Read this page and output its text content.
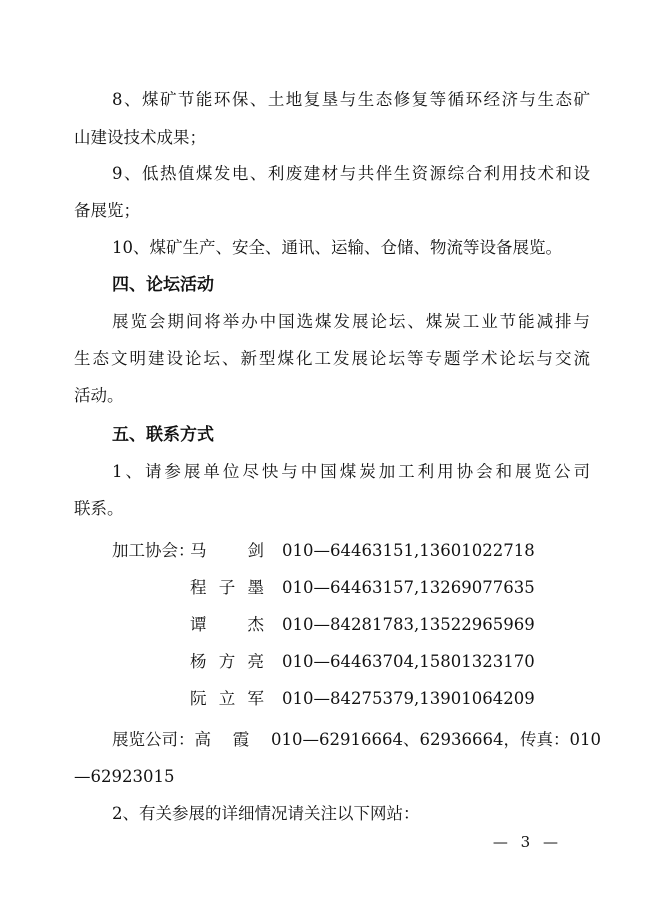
8、煤矿节能环保、土地复垦与生态修复等循环经济与生态矿
山建设技术成果；
9、低热值煤发电、利废建材与共伴生资源综合利用技术和设
备展览；
10、煤矿生产、安全、通讯、运输、仓储、物流等设备展览。
四、论坛活动
展览会期间将举办中国选煤发展论坛、煤炭工业节能减排与
生态文明建设论坛、新型煤化工发展论坛等专题学术论坛与交流
活动。
五、联系方式
1、请参展单位尽快与中国煤炭加工利用协会和展览公司
联系。
加工协会：
马　剑 010—64463151,13601022718
程子墨 010—64463157,13269077635
谭　杰 010—84281783,13522965969
杨方亮 010—64463704,15801323170
阮立军 010—84275379,13901064209
展览公司：高　 霞　 010—62916664、62936664，传真：010
—62923015
2、有关参展的详细情况请关注以下网站：
— 3 —
